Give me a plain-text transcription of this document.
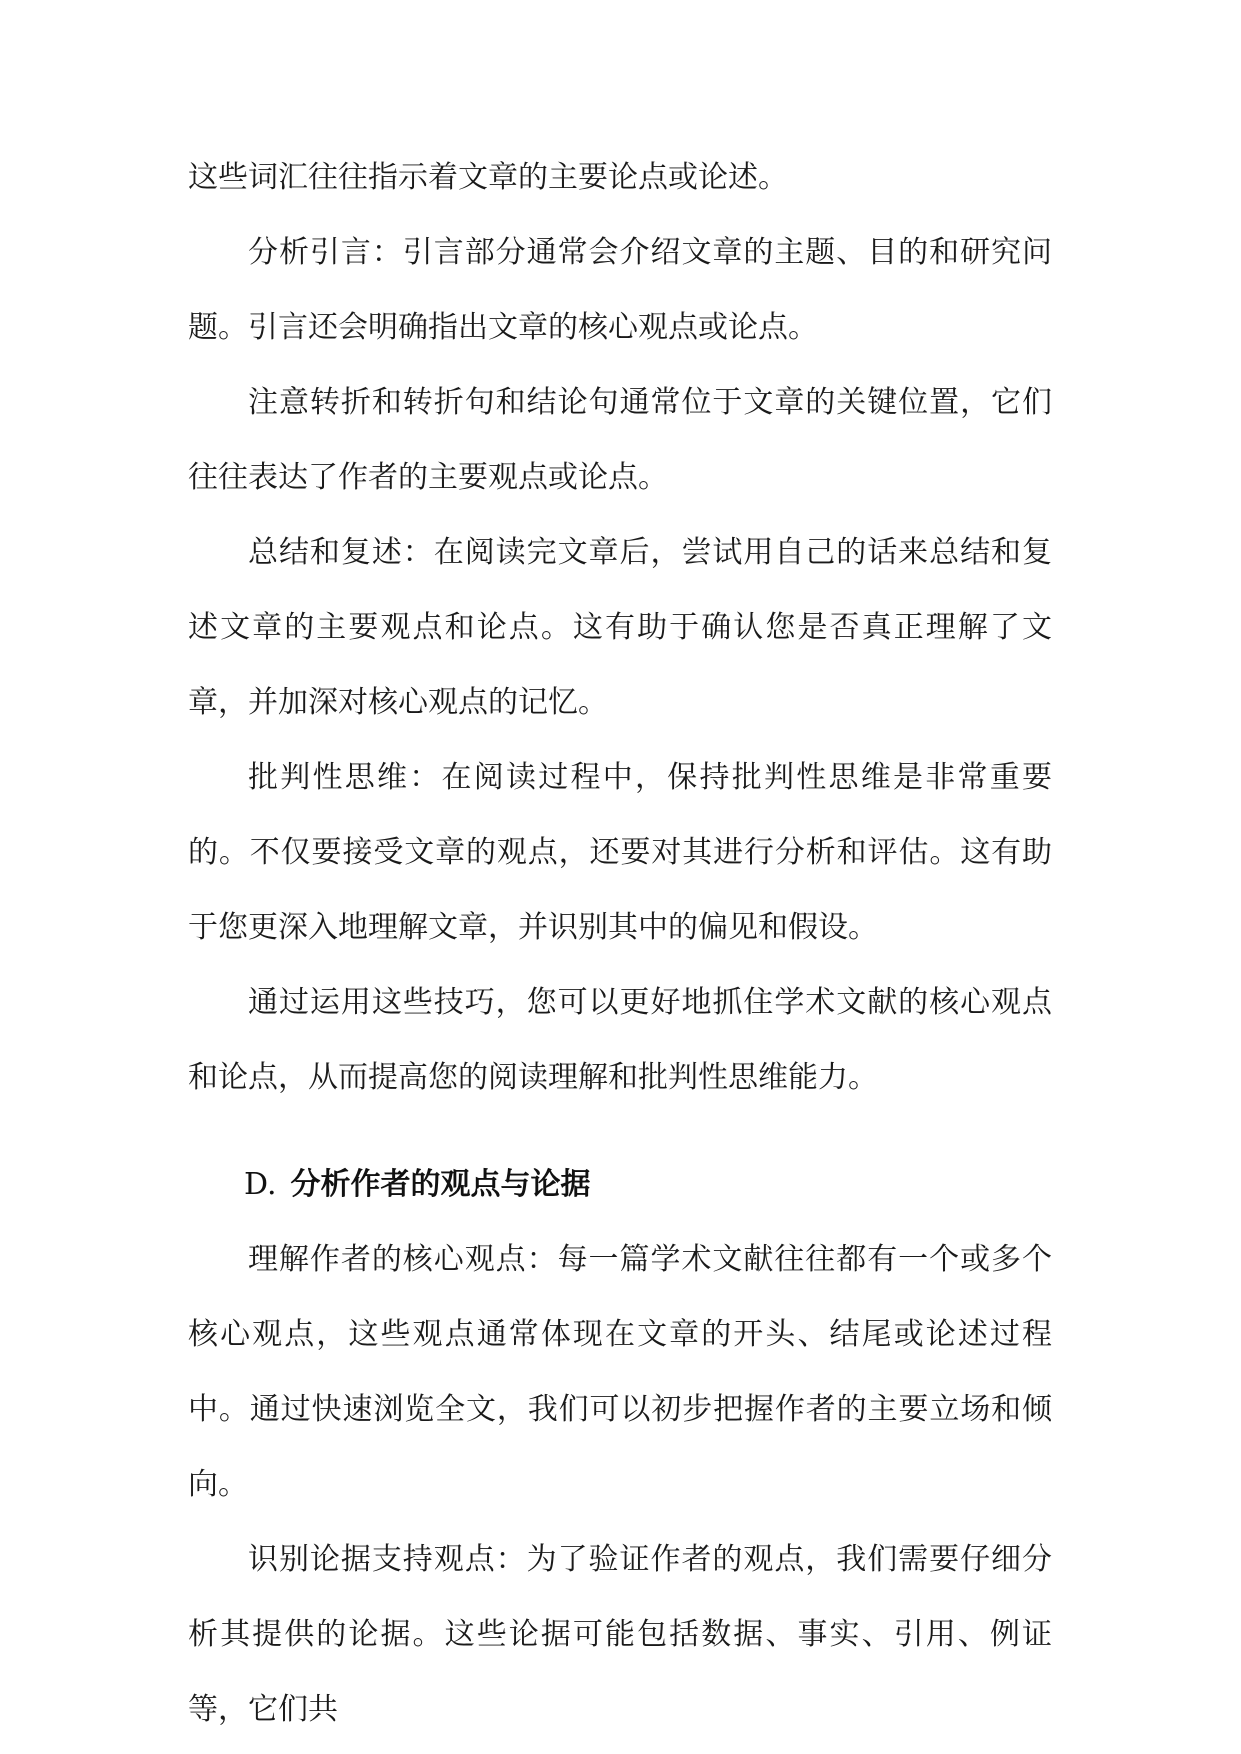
这些词汇往往指示着文章的主要论点或论述。

分析引言：引言部分通常会介绍文章的主题、目的和研究问题。引言还会明确指出文章的核心观点或论点。

注意转折和转折句和结论句通常位于文章的关键位置，它们往往表达了作者的主要观点或论点。

总结和复述：在阅读完文章后，尝试用自己的话来总结和复述文章的主要观点和论点。这有助于确认您是否真正理解了文章，并加深对核心观点的记忆。

批判性思维：在阅读过程中，保持批判性思维是非常重要的。不仅要接受文章的观点，还要对其进行分析和评估。这有助于您更深入地理解文章，并识别其中的偏见和假设。

通过运用这些技巧，您可以更好地抓住学术文献的核心观点和论点，从而提高您的阅读理解和批判性思维能力。

D. 分析作者的观点与论据

理解作者的核心观点：每一篇学术文献往往都有一个或多个核心观点，这些观点通常体现在文章的开头、结尾或论述过程中。通过快速浏览全文，我们可以初步把握作者的主要立场和倾向。

识别论据支持观点：为了验证作者的观点，我们需要仔细分析其提供的论据。这些论据可能包括数据、事实、引用、例证等，它们共
